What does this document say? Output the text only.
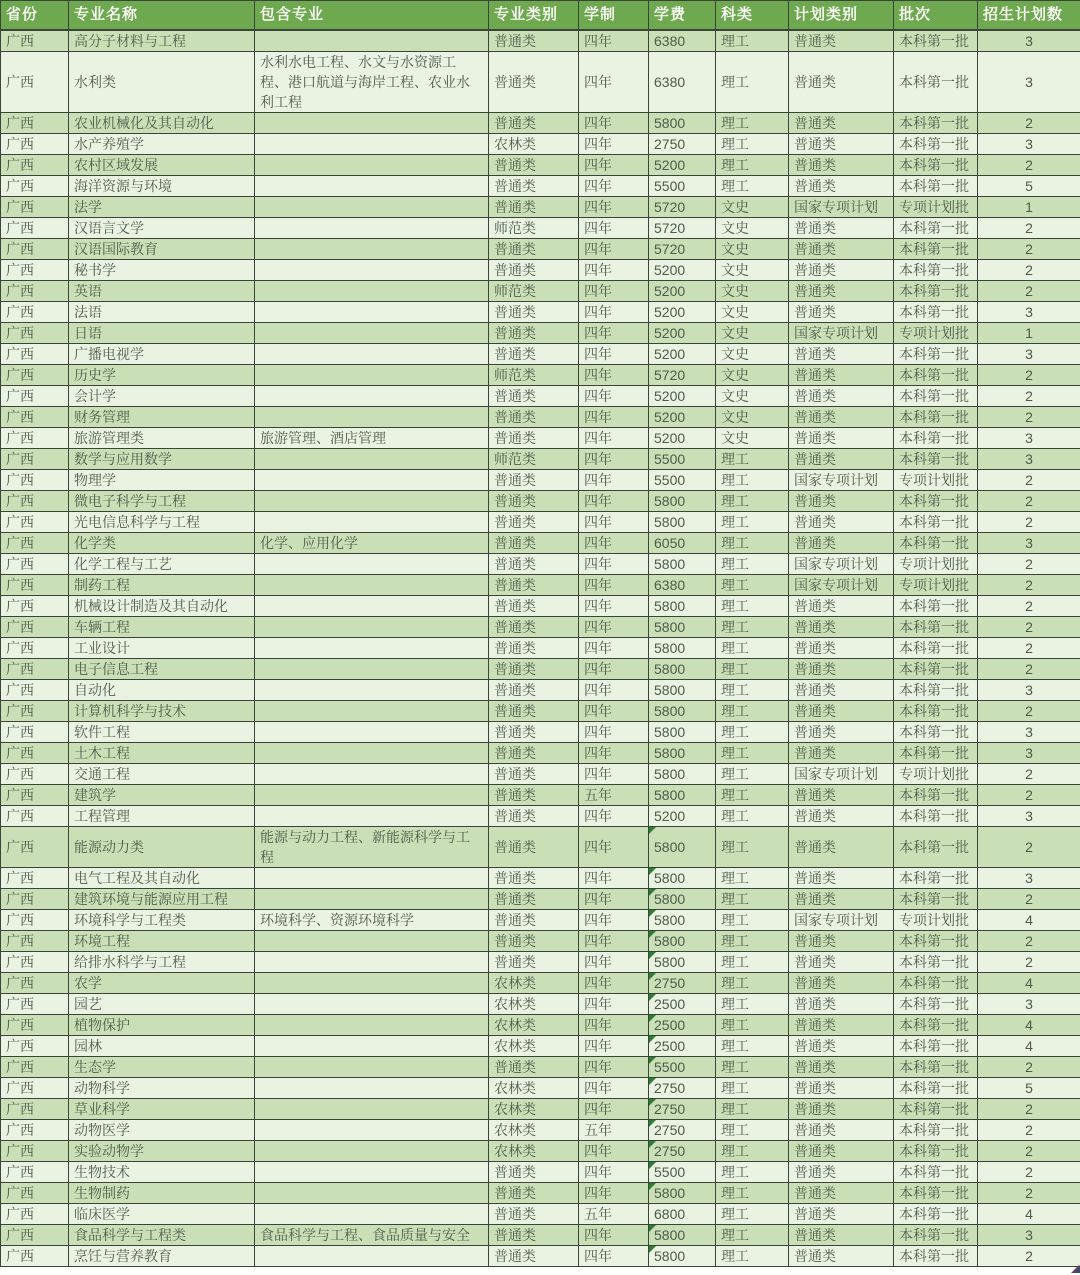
省份	专业名称	包含专业	专业类别	学制	学费	科类	计划类别	批次	招生计划数
广西	高分子材料与工程		普通类	四年	6380	理工	普通类	本科第一批	3
广西	水利类	水利水电工程、水文与水资源工程、港口航道与海岸工程、农业水利工程	普通类	四年	6380	理工	普通类	本科第一批	3
广西	农业机械化及其自动化		普通类	四年	5800	理工	普通类	本科第一批	2
广西	水产养殖学		农林类	四年	2750	理工	普通类	本科第一批	3
广西	农村区域发展		普通类	四年	5200	理工	普通类	本科第一批	2
广西	海洋资源与环境		普通类	四年	5500	理工	普通类	本科第一批	5
广西	法学		普通类	四年	5720	文史	国家专项计划	专项计划批	1
广西	汉语言文学		师范类	四年	5720	文史	普通类	本科第一批	2
广西	汉语国际教育		普通类	四年	5720	文史	普通类	本科第一批	2
广西	秘书学		普通类	四年	5200	文史	普通类	本科第一批	2
广西	英语		师范类	四年	5200	文史	普通类	本科第一批	2
广西	法语		普通类	四年	5200	文史	普通类	本科第一批	3
广西	日语		普通类	四年	5200	文史	国家专项计划	专项计划批	1
广西	广播电视学		普通类	四年	5200	文史	普通类	本科第一批	3
广西	历史学		师范类	四年	5720	文史	普通类	本科第一批	2
广西	会计学		普通类	四年	5200	文史	普通类	本科第一批	2
广西	财务管理		普通类	四年	5200	文史	普通类	本科第一批	2
广西	旅游管理类	旅游管理、酒店管理	普通类	四年	5200	文史	普通类	本科第一批	3
广西	数学与应用数学		师范类	四年	5500	理工	普通类	本科第一批	3
广西	物理学		普通类	四年	5500	理工	国家专项计划	专项计划批	2
广西	微电子科学与工程		普通类	四年	5800	理工	普通类	本科第一批	2
广西	光电信息科学与工程		普通类	四年	5800	理工	普通类	本科第一批	2
广西	化学类	化学、应用化学	普通类	四年	6050	理工	普通类	本科第一批	3
广西	化学工程与工艺		普通类	四年	5800	理工	国家专项计划	专项计划批	2
广西	制药工程		普通类	四年	6380	理工	国家专项计划	专项计划批	2
广西	机械设计制造及其自动化		普通类	四年	5800	理工	普通类	本科第一批	2
广西	车辆工程		普通类	四年	5800	理工	普通类	本科第一批	2
广西	工业设计		普通类	四年	5800	理工	普通类	本科第一批	2
广西	电子信息工程		普通类	四年	5800	理工	普通类	本科第一批	2
广西	自动化		普通类	四年	5800	理工	普通类	本科第一批	3
广西	计算机科学与技术		普通类	四年	5800	理工	普通类	本科第一批	2
广西	软件工程		普通类	四年	5800	理工	普通类	本科第一批	3
广西	土木工程		普通类	四年	5800	理工	普通类	本科第一批	3
广西	交通工程		普通类	四年	5800	理工	国家专项计划	专项计划批	2
广西	建筑学		普通类	五年	5800	理工	普通类	本科第一批	2
广西	工程管理		普通类	四年	5200	理工	普通类	本科第一批	3
广西	能源动力类	能源与动力工程、新能源科学与工程	普通类	四年	5800	理工	普通类	本科第一批	2
广西	电气工程及其自动化		普通类	四年	5800	理工	普通类	本科第一批	3
广西	建筑环境与能源应用工程		普通类	四年	5800	理工	普通类	本科第一批	2
广西	环境科学与工程类	环境科学、资源环境科学	普通类	四年	5800	理工	国家专项计划	专项计划批	4
广西	环境工程		普通类	四年	5800	理工	普通类	本科第一批	2
广西	给排水科学与工程		普通类	四年	5800	理工	普通类	本科第一批	2
广西	农学		农林类	四年	2750	理工	普通类	本科第一批	4
广西	园艺		农林类	四年	2500	理工	普通类	本科第一批	3
广西	植物保护		农林类	四年	2500	理工	普通类	本科第一批	4
广西	园林		农林类	四年	2500	理工	普通类	本科第一批	4
广西	生态学		普通类	四年	5500	理工	普通类	本科第一批	2
广西	动物科学		农林类	四年	2750	理工	普通类	本科第一批	5
广西	草业科学		农林类	四年	2750	理工	普通类	本科第一批	2
广西	动物医学		农林类	五年	2750	理工	普通类	本科第一批	2
广西	实验动物学		农林类	四年	2750	理工	普通类	本科第一批	2
广西	生物技术		普通类	四年	5500	理工	普通类	本科第一批	2
广西	生物制药		普通类	四年	5800	理工	普通类	本科第一批	2
广西	临床医学		普通类	五年	6800	理工	普通类	本科第一批	4
广西	食品科学与工程类	食品科学与工程、食品质量与安全	普通类	四年	5800	理工	普通类	本科第一批	3
广西	烹饪与营养教育		普通类	四年	5800	理工	普通类	本科第一批	2
